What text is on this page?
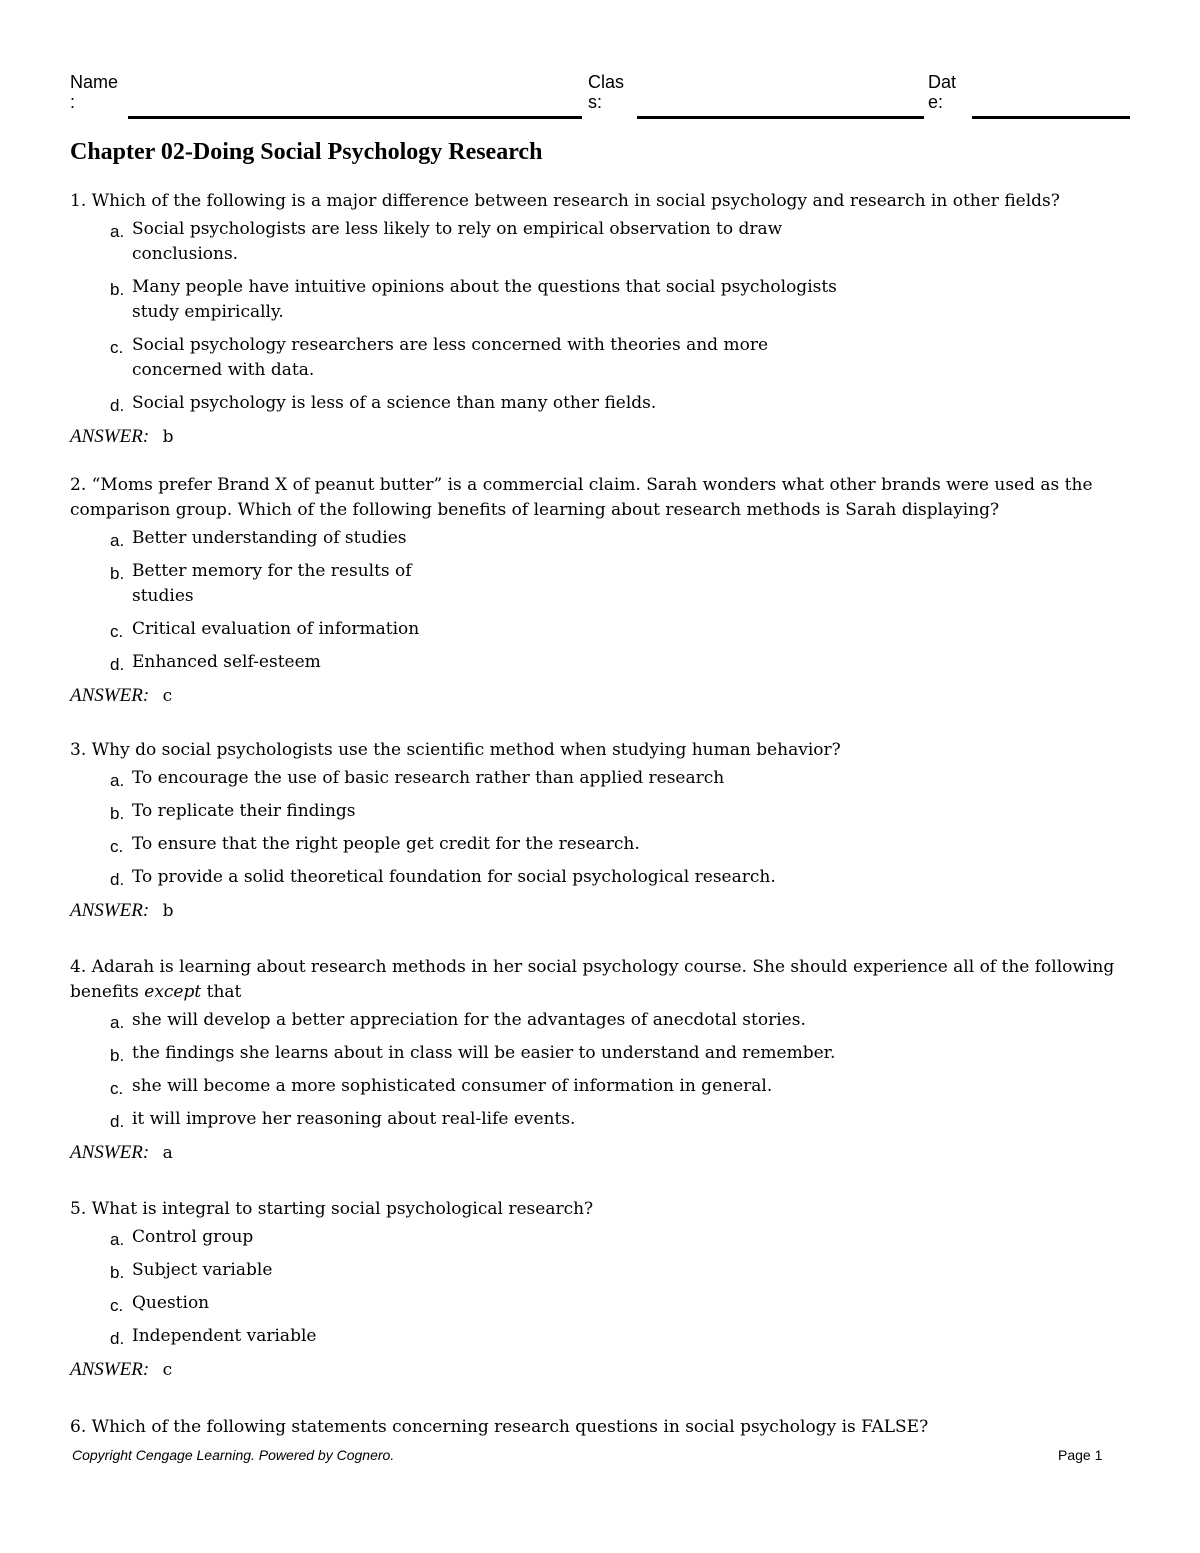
Name
:
Clas
s:
Dat
e:
Chapter 02-Doing Social Psychology Research
1. Which of the following is a major difference between research in social psychology and research in other fields?
a. Social psychologists are less likely to rely on empirical observation to draw conclusions.
b. Many people have intuitive opinions about the questions that social psychologists study empirically.
c. Social psychology researchers are less concerned with theories and more concerned with data.
d. Social psychology is less of a science than many other fields.
ANSWER: b
2. “Moms prefer Brand X of peanut butter” is a commercial claim. Sarah wonders what other brands were used as the comparison group. Which of the following benefits of learning about research methods is Sarah displaying?
a. Better understanding of studies
b. Better memory for the results of studies
c. Critical evaluation of information
d. Enhanced self-esteem
ANSWER: c
3. Why do social psychologists use the scientific method when studying human behavior?
a. To encourage the use of basic research rather than applied research
b. To replicate their findings
c. To ensure that the right people get credit for the research.
d. To provide a solid theoretical foundation for social psychological research.
ANSWER: b
4. Adarah is learning about research methods in her social psychology course. She should experience all of the following benefits except that
a. she will develop a better appreciation for the advantages of anecdotal stories.
b. the findings she learns about in class will be easier to understand and remember.
c. she will become a more sophisticated consumer of information in general.
d. it will improve her reasoning about real-life events.
ANSWER: a
5. What is integral to starting social psychological research?
a. Control group
b. Subject variable
c. Question
d. Independent variable
ANSWER: c
6. Which of the following statements concerning research questions in social psychology is FALSE?
Copyright Cengage Learning. Powered by Cognero.	Page 1
